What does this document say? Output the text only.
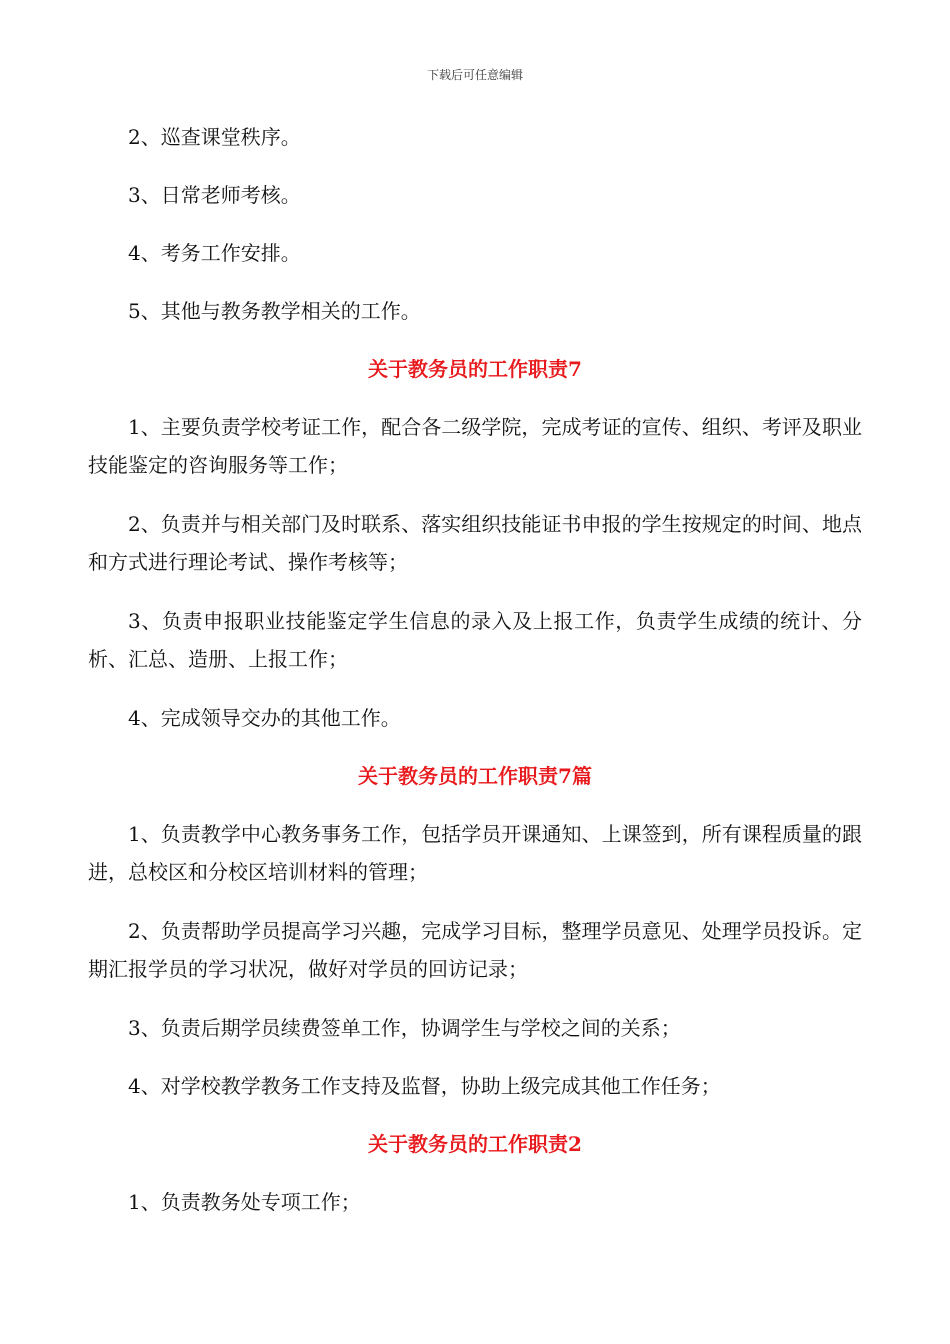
下载后可任意编辑

2、巡查课堂秩序。

3、日常老师考核。

4、考务工作安排。

5、其他与教务教学相关的工作。

关于教务员的工作职责7

1、主要负责学校考证工作，配合各二级学院，完成考证的宣传、组织、考评及职业技能鉴定的咨询服务等工作；

2、负责并与相关部门及时联系、落实组织技能证书申报的学生按规定的时间、地点和方式进行理论考试、操作考核等；

3、负责申报职业技能鉴定学生信息的录入及上报工作，负责学生成绩的统计、分析、汇总、造册、上报工作；

4、完成领导交办的其他工作。

关于教务员的工作职责7篇

1、负责教学中心教务事务工作，包括学员开课通知、上课签到，所有课程质量的跟进，总校区和分校区培训材料的管理；

2、负责帮助学员提高学习兴趣，完成学习目标，整理学员意见、处理学员投诉。定期汇报学员的学习状况，做好对学员的回访记录；

3、负责后期学员续费签单工作，协调学生与学校之间的关系；

4、对学校教学教务工作支持及监督，协助上级完成其他工作任务；

关于教务员的工作职责2

1、负责教务处专项工作；
